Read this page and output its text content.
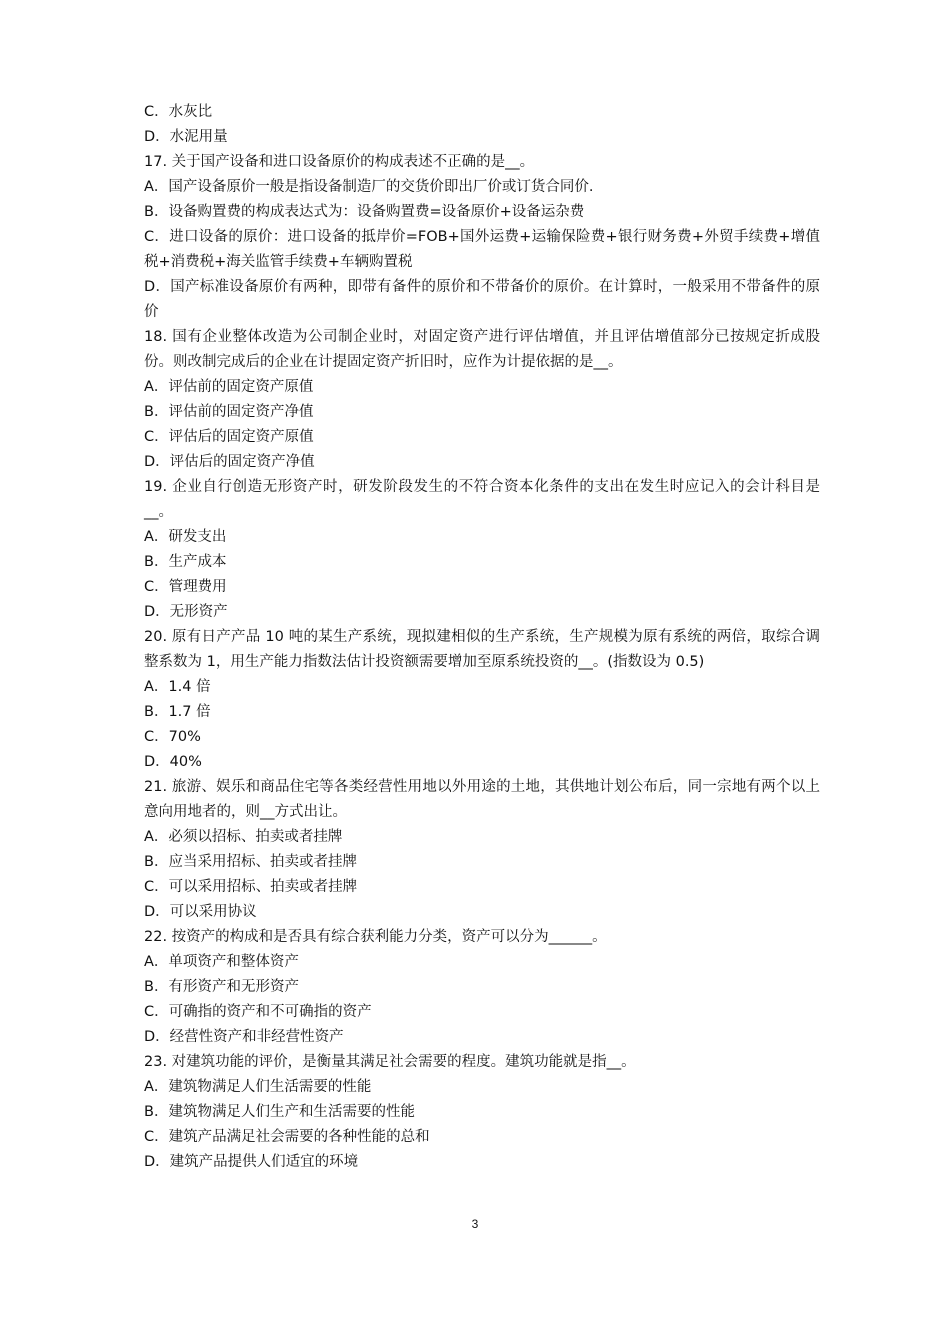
C．水灰比
D．水泥用量
17. 关于国产设备和进口设备原价的构成表述不正确的是__。
A．国产设备原价一般是指设备制造厂的交货价即出厂价或订货合同价.
B．设备购置费的构成表达式为：设备购置费=设备原价+设备运杂费
C．进口设备的原价：进口设备的抵岸价=FOB+国外运费+运输保险费+银行财务费+外贸手续费+增值税+消费税+海关监管手续费+车辆购置税
D．国产标准设备原价有两种，即带有备件的原价和不带备价的原价。在计算时，一般采用不带备件的原价
18. 国有企业整体改造为公司制企业时，对固定资产进行评估增值，并且评估增值部分已按规定折成股份。则改制完成后的企业在计提固定资产折旧时，应作为计提依据的是__。
A．评估前的固定资产原值
B．评估前的固定资产净值
C．评估后的固定资产原值
D．评估后的固定资产净值
19. 企业自行创造无形资产时，研发阶段发生的不符合资本化条件的支出在发生时应记入的会计科目是__。
A．研发支出
B．生产成本
C．管理费用
D．无形资产
20. 原有日产产品 10 吨的某生产系统，现拟建相似的生产系统，生产规模为原有系统的两倍，取综合调整系数为 1，用生产能力指数法估计投资额需要增加至原系统投资的__。(指数设为 0.5)
A．1.4 倍
B．1.7 倍
C．70%
D．40%
21. 旅游、娱乐和商品住宅等各类经营性用地以外用途的土地，其供地计划公布后，同一宗地有两个以上意向用地者的，则__方式出让。
A．必须以招标、拍卖或者挂牌
B．应当采用招标、拍卖或者挂牌
C．可以采用招标、拍卖或者挂牌
D．可以采用协议
22. 按资产的构成和是否具有综合获利能力分类，资产可以分为______。
A．单项资产和整体资产
B．有形资产和无形资产
C．可确指的资产和不可确指的资产
D．经营性资产和非经营性资产
23. 对建筑功能的评价，是衡量其满足社会需要的程度。建筑功能就是指__。
A．建筑物满足人们生活需要的性能
B．建筑物满足人们生产和生活需要的性能
C．建筑产品满足社会需要的各种性能的总和
D．建筑产品提供人们适宜的环境
3
